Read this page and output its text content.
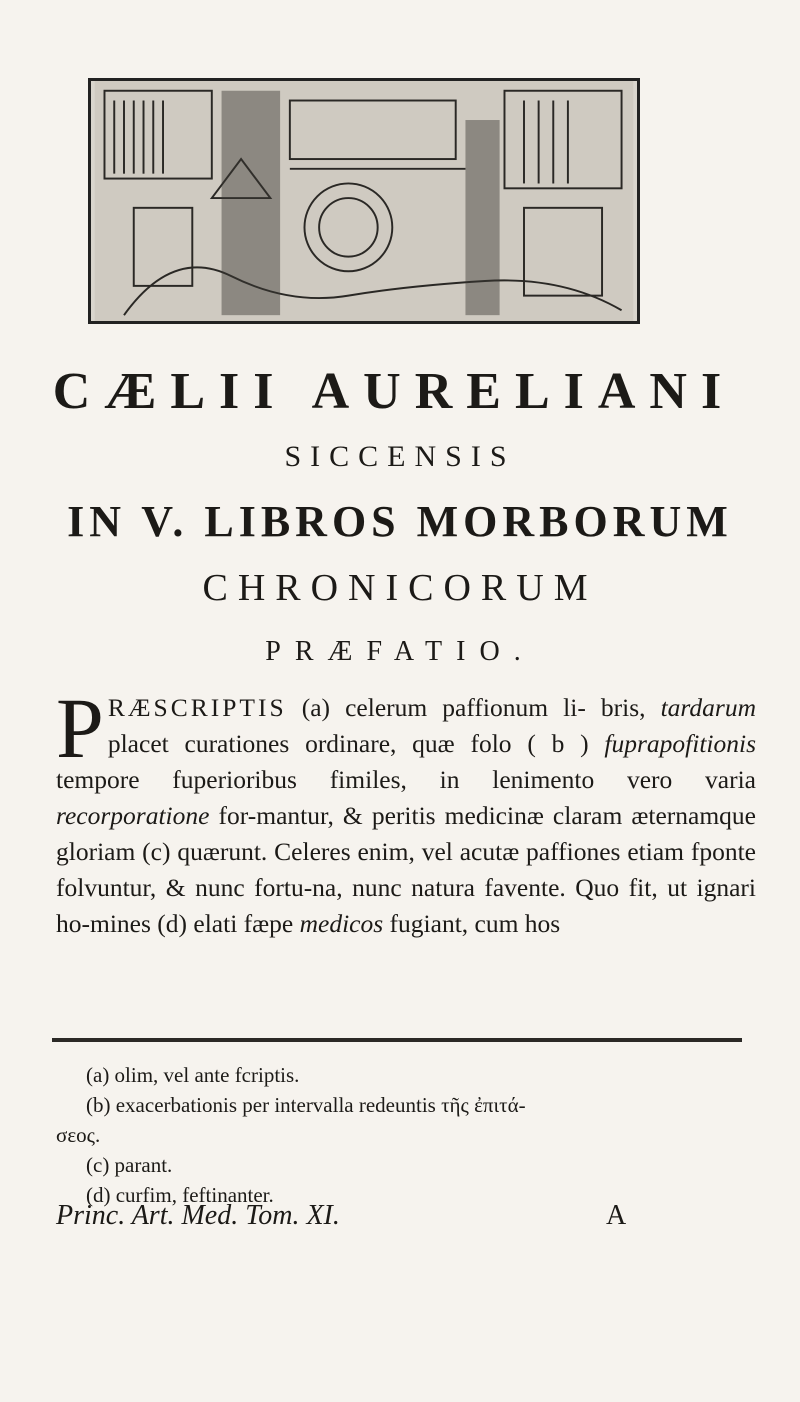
CÆLII AURELIANI
SICCENSIS
IN V. LIBROS MORBORUM
CHRONICORUM
PRÆFATIO.
PRÆSCRIPTIS (a) celerum paffionum li- bris, tardarum placet curationes ordinare, quæ folo ( b ) fuprapofitionis tempore fuperioribus fimiles, in lenimento vero varia recorporatione for-mantur, & peritis medicinæ claram æternamque gloriam (c) quærunt. Celeres enim, vel acutæ paffiones etiam fponte folvuntur, & nunc fortu-na, nunc natura favente. Quo fit, ut ignari ho-mines (d) elati fæpe medicos fugiant, cum hos
(a) olim, vel ante fcriptis.
(b) exacerbationis per intervalla redeuntis τῆς ἐπιτά-
σεος.
(c) parant.
(d) curfim, feftinanter.
Princ. Art. Med. Tom. XI.	A
